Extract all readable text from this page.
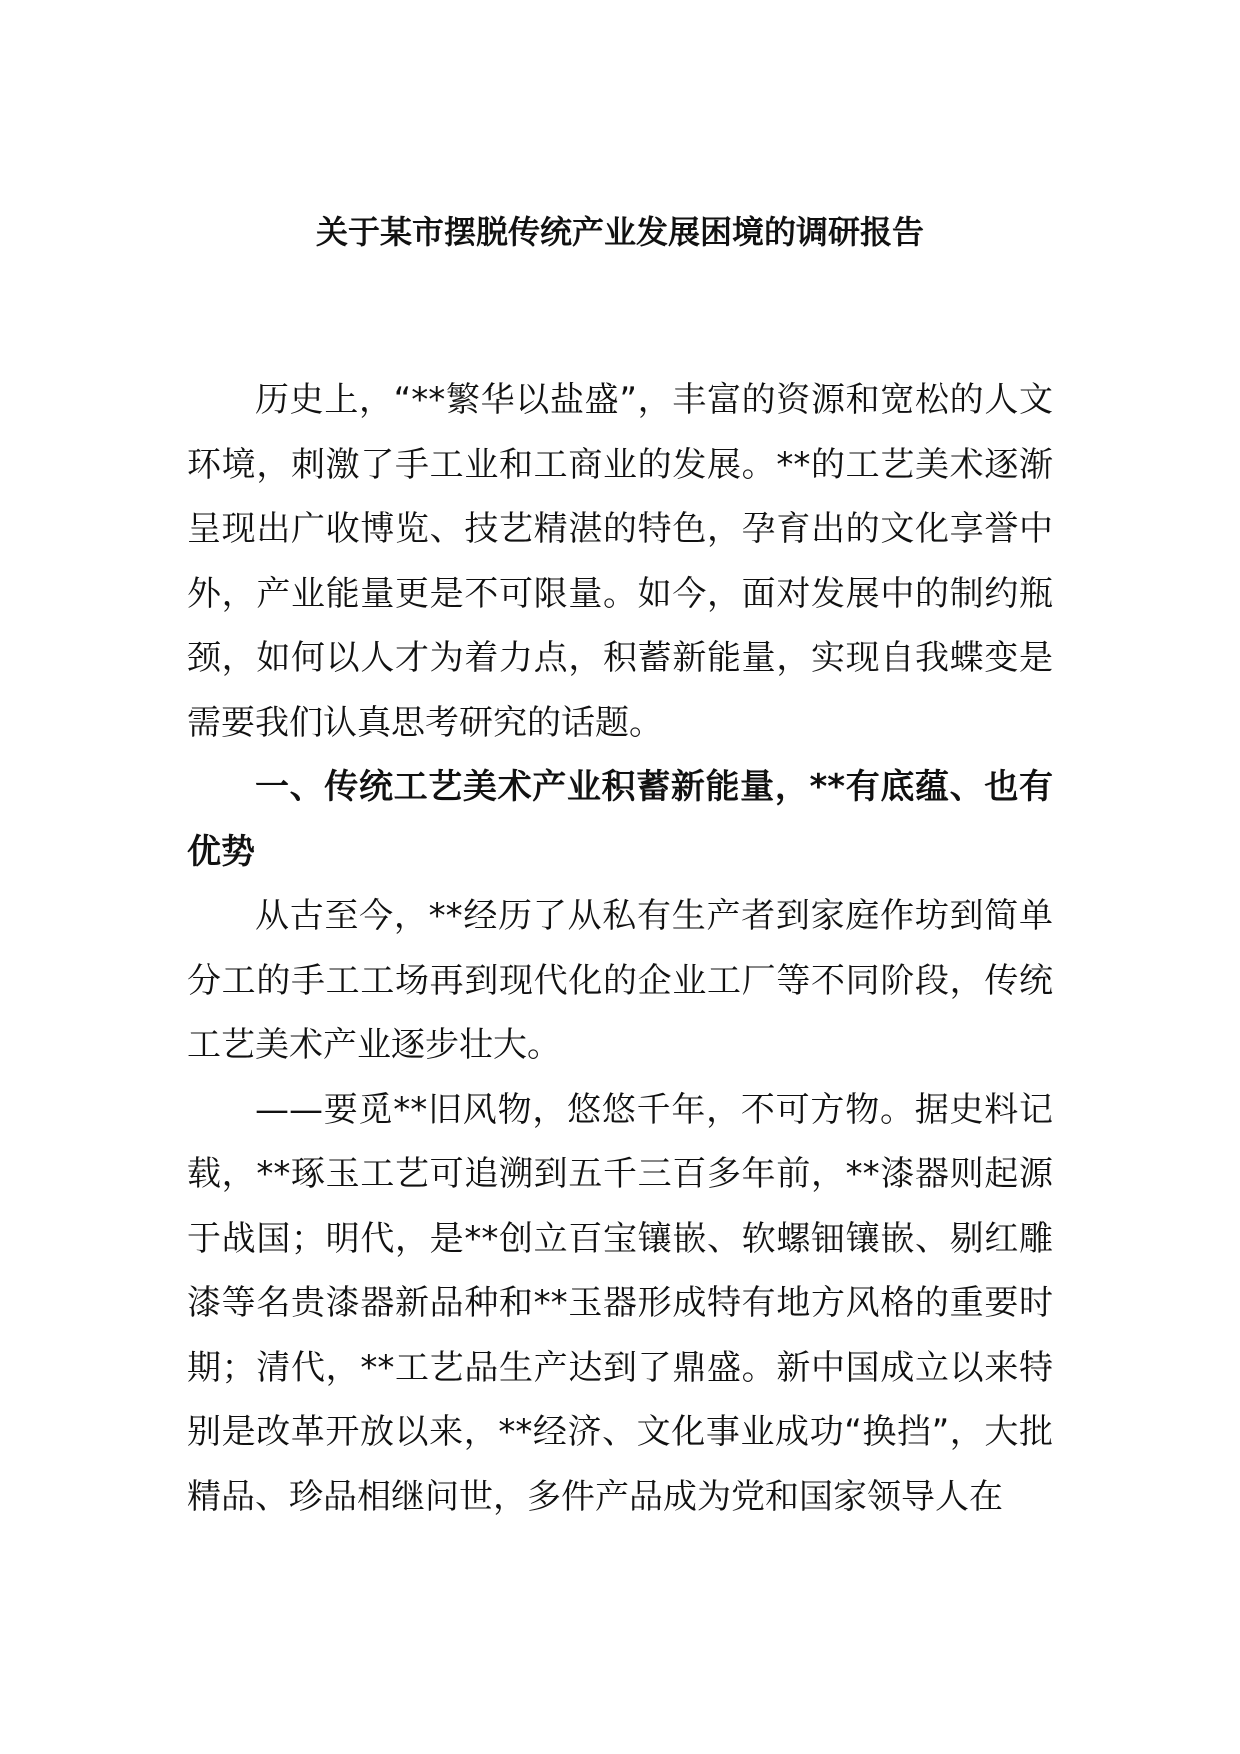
关于某市摆脱传统产业发展困境的调研报告

历史上，“**繁华以盐盛”，丰富的资源和宽松的人文环境，刺激了手工业和工商业的发展。**的工艺美术逐渐呈现出广收博览、技艺精湛的特色，孕育出的文化享誉中外，产业能量更是不可限量。如今，面对发展中的制约瓶颈，如何以人才为着力点，积蓄新能量，实现自我蝶变是需要我们认真思考研究的话题。

一、传统工艺美术产业积蓄新能量，**有底蕴、也有优势

从古至今，**经历了从私有生产者到家庭作坊到简单分工的手工工场再到现代化的企业工厂等不同阶段，传统工艺美术产业逐步壮大。

——要觅**旧风物，悠悠千年，不可方物。据史料记载，**琢玉工艺可追溯到五千三百多年前，**漆器则起源于战国；明代，是**创立百宝镶嵌、软螺钿镶嵌、剔红雕漆等名贵漆器新品种和**玉器形成特有地方风格的重要时期；清代，**工艺品生产达到了鼎盛。新中国成立以来特别是改革开放以来，**经济、文化事业成功“换挡”，大批精品、珍品相继问世，多件产品成为党和国家领导人在
